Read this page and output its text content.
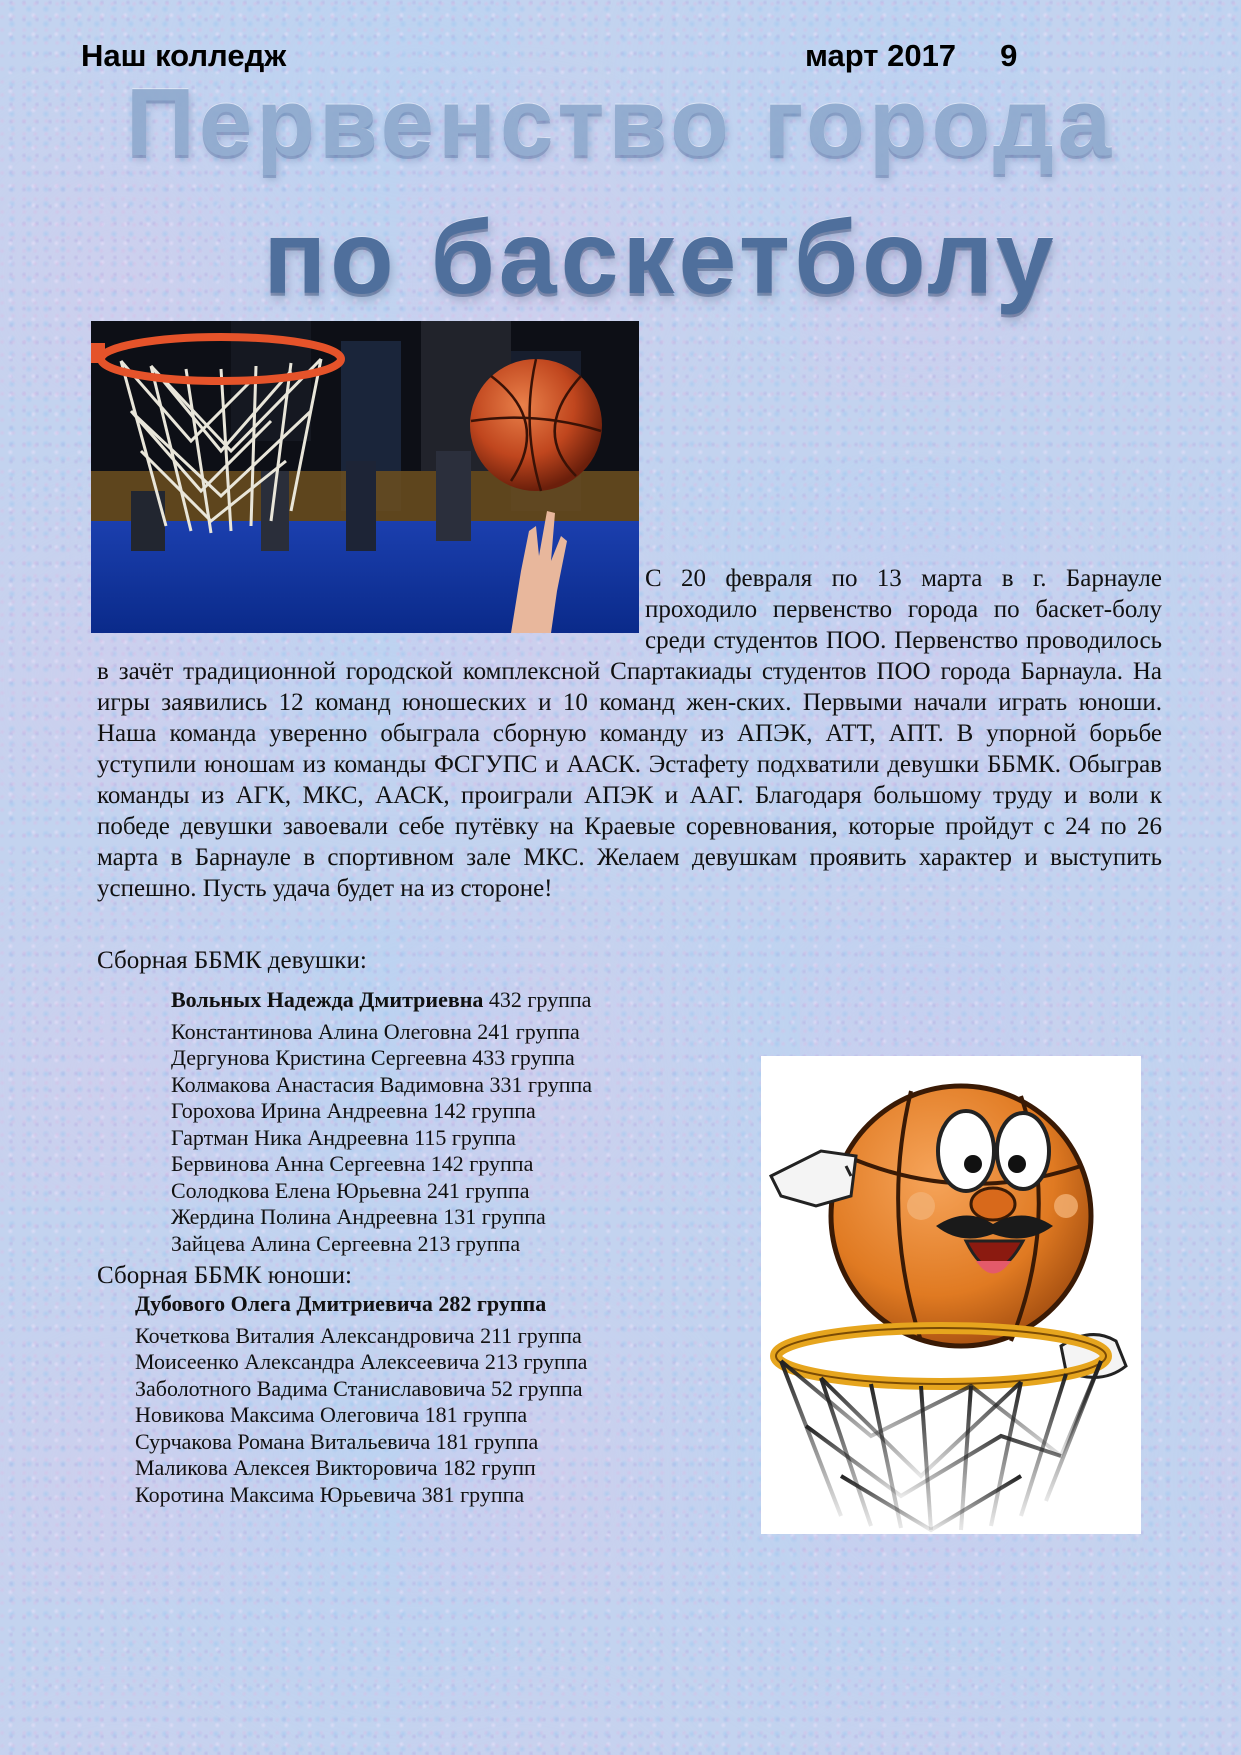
Наш колледж	март 2017 9
Первенство города
по баскетболу
С 20 февраля по 13 марта в г. Барнауле проходило первенство города по баскет-болу среди студентов ПОО. Первенство проводилось в зачёт традиционной городской комплексной Спартакиады студентов ПОО города Барнаула. На игры заявились 12 команд юношеских и 10 команд жен-ских. Первыми начали играть юноши. Наша команда уверенно обыграла сборную команду из АПЭК, АТТ, АПТ. В упорной борьбе уступили юношам из команды ФСГУПС и ААСК. Эстафету подхватили девушки ББМК. Обыграв команды из АГК, МКС, ААСК, проиграли АПЭК и ААГ. Благодаря большому труду и воли к победе девушки завоевали себе путёвку на Краевые соревнования, которые пройдут с 24 по 26 марта в Барнауле в спортивном зале МКС. Желаем девушкам проявить характер и выступить успешно. Пусть удача будет на из стороне!
Сборная ББМК девушки:
Вольных Надежда Дмитриевна 432 группа
Константинова Алина Олеговна 241 группа
Дергунова Кристина Сергеевна 433 группа
Колмакова Анастасия Вадимовна 331 группа
Горохова Ирина Андреевна 142 группа
Гартман Ника Андреевна 115 группа
Бервинова Анна Сергеевна 142 группа
Солодкова Елена Юрьевна 241 группа
Жердина Полина Андреевна 131 группа
Зайцева Алина Сергеевна 213 группа
Сборная ББМК юноши:
Дубового Олега Дмитриевича 282 группа
Кочеткова Виталия Александровича 211 группа
Моисеенко Александра Алексеевича 213 группа
Заболотного Вадима Станиславовича 52 группа
Новикова Максима Олеговича 181 группа
Сурчакова Романа Витальевича 181 группа
Маликова Алексея Викторовича 182 групп
Коротина Максима Юрьевича 381 группа
